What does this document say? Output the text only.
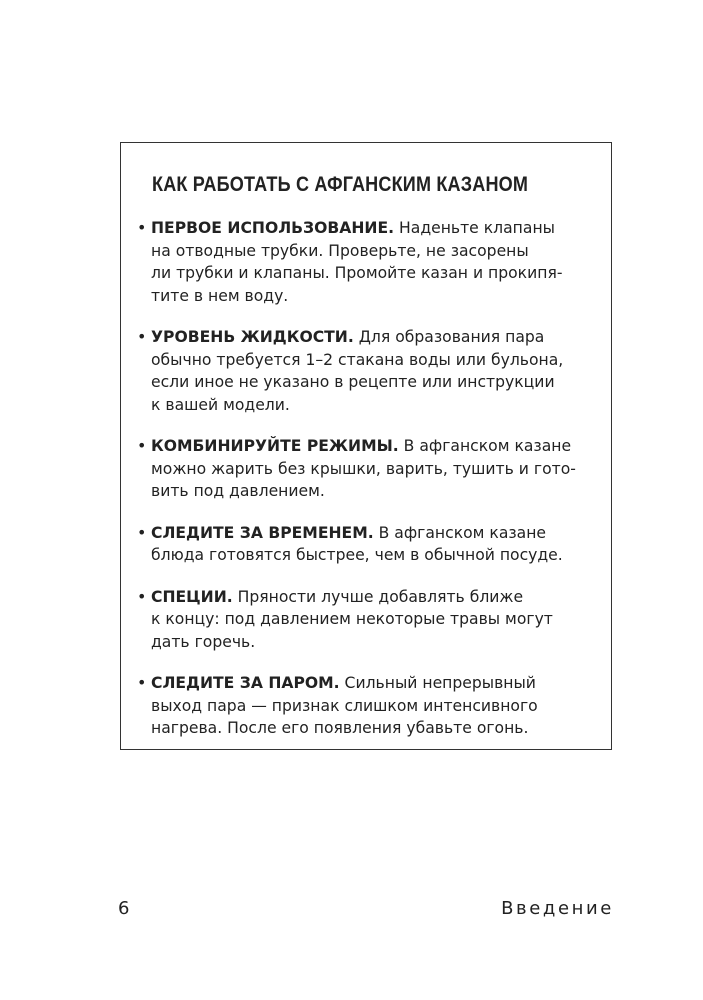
КАК РАБОТАТЬ С АФГАНСКИМ КАЗАНОМ
• ПЕРВОЕ ИСПОЛЬЗОВАНИЕ. Наденьте клапаны
на отводные трубки. Проверьте, не засорены
ли трубки и клапаны. Промойте казан и прокипя-
тите в нем воду.
• УРОВЕНЬ ЖИДКОСТИ. Для образования пара
обычно требуется 1–2 стакана воды или бульона,
если иное не указано в рецепте или инструкции
к вашей модели.
• КОМБИНИРУЙТЕ РЕЖИМЫ. В афганском казане
можно жарить без крышки, варить, тушить и гото-
вить под давлением.
• СЛЕДИТЕ ЗА ВРЕМЕНЕМ. В афганском казане
блюда готовятся быстрее, чем в обычной посуде.
• СПЕЦИИ. Пряности лучше добавлять ближе
к концу: под давлением некоторые травы могут
дать горечь.
• СЛЕДИТЕ ЗА ПАРОМ. Сильный непрерывный
выход пара — признак слишком интенсивного
нагрева. После его появления убавьте огонь.
6	Введение
